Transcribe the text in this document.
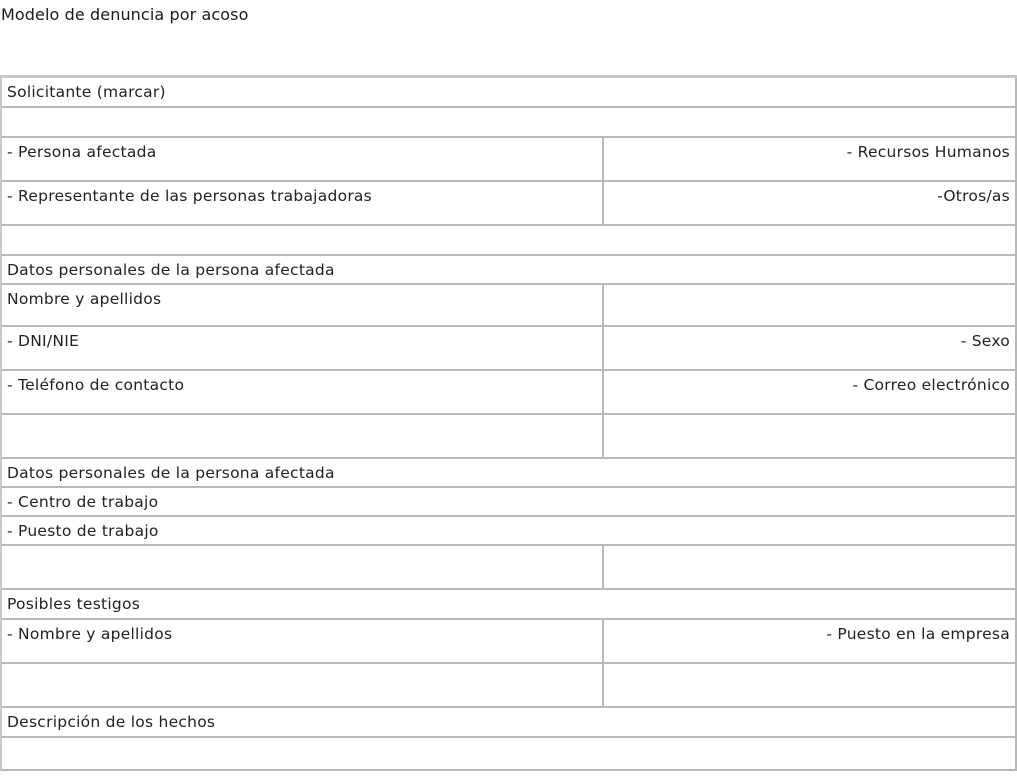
Modelo de denuncia por acoso
Solicitante (marcar)	

- Persona afectada	- Recursos Humanos
- Representante de las personas trabajadoras	-Otros/as

Datos personales de la persona afectada	
Nombre y apellidos	
- DNI/NIE	- Sexo
- Teléfono de contacto	- Correo electrónico

Datos personales de la persona afectada	
- Centro de trabajo	
- Puesto de trabajo	

Posibles testigos	
- Nombre y apellidos	- Puesto en la empresa

Descripción de los hechos	
